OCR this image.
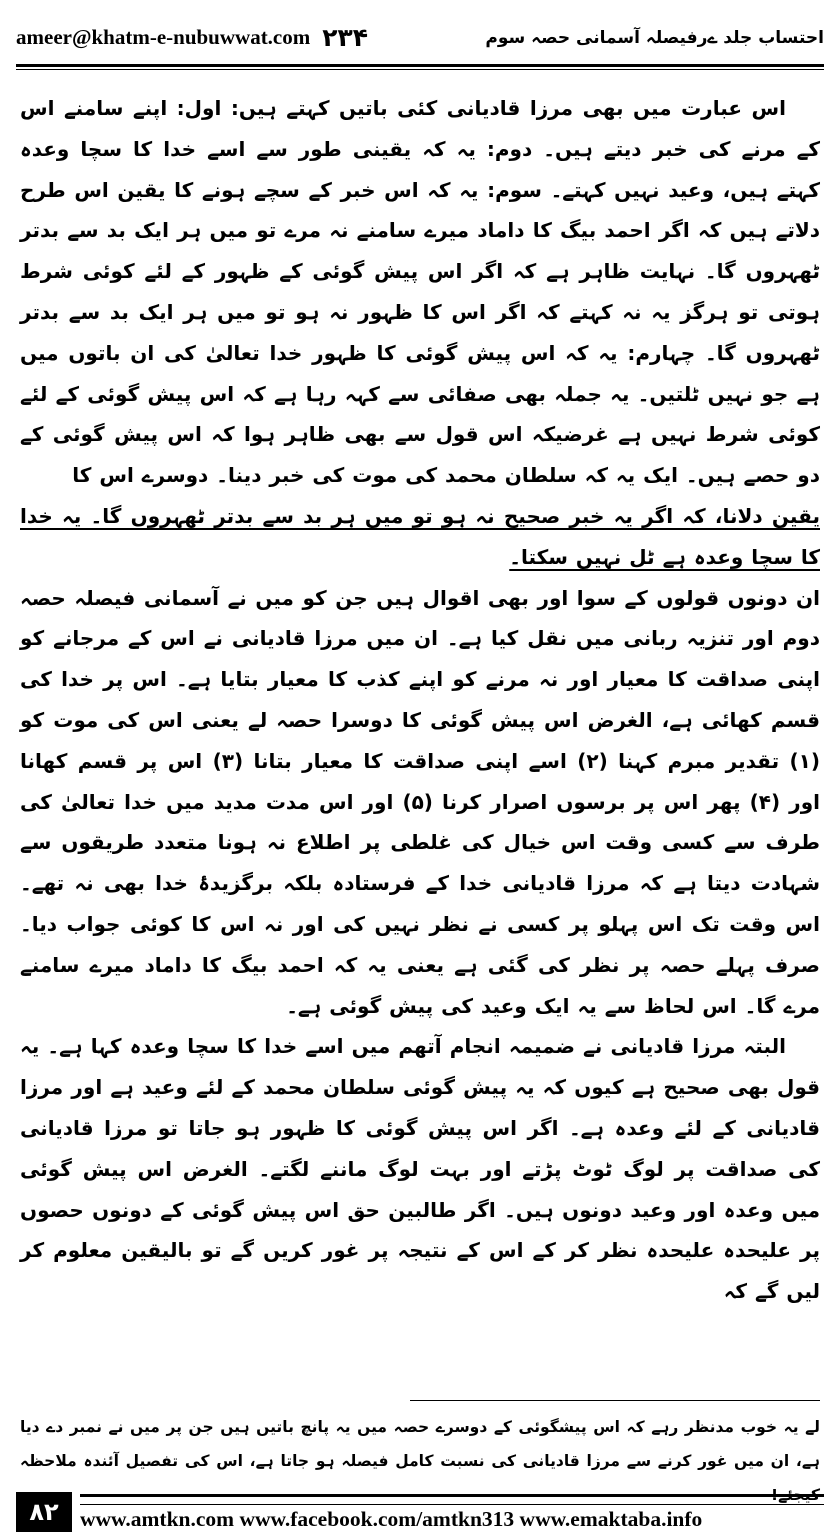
ameer@khatm-e-nubuwwat.com ۲۳۴	احتساب جلد ےرفیصلہ آسمانی حصہ سوم

اس عبارت میں بھی مرزا قادیانی کئی باتیں کہتے ہیں: اول: اپنے سامنے اس کے مرنے کی خبر دیتے ہیں۔ دوم: یہ کہ یقینی طور سے اسے خدا کا سچا وعدہ کہتے ہیں، وعید نہیں کہتے۔ سوم: یہ کہ اس خبر کے سچے ہونے کا یقین اس طرح دلاتے ہیں کہ اگر احمد بیگ کا داماد میرے سامنے نہ مرے تو میں ہر ایک بد سے بدتر ٹھہروں گا۔ نہایت ظاہر ہے کہ اگر اس پیش گوئی کے ظہور کے لئے کوئی شرط ہوتی تو ہرگز یہ نہ کہتے کہ اگر اس کا ظہور نہ ہو تو میں ہر ایک بد سے بدتر ٹھہروں گا۔ چہارم: یہ کہ اس پیش گوئی کا ظہور خدا تعالیٰ کی ان باتوں میں ہے جو نہیں ٹلتیں۔ یہ جملہ بھی صفائی سے کہہ رہا ہے کہ اس پیش گوئی کے لئے کوئی شرط نہیں ہے غرضیکہ اس قول سے بھی ظاہر ہوا کہ اس پیش گوئی کے دو حصے ہیں۔ ایک یہ کہ سلطان محمد کی موت کی خبر دینا۔ دوسرے اس کا

یقین دلانا، کہ اگر یہ خبر صحیح نہ ہو تو میں ہر بد سے بدتر ٹھہروں گا۔ یہ خدا کا سچا وعدہ ہے ٹل نہیں سکتا۔

ان دونوں قولوں کے سوا اور بھی اقوال ہیں جن کو میں نے آسمانی فیصلہ حصہ دوم اور تنزیہ ربانی میں نقل کیا ہے۔ ان میں مرزا قادیانی نے اس کے مرجانے کو اپنی صداقت کا معیار اور نہ مرنے کو اپنے کذب کا معیار بتایا ہے۔ اس پر خدا کی قسم کھائی ہے، الغرض اس پیش گوئی کا دوسرا حصہ لے یعنی اس کی موت کو (۱) تقدیر مبرم کہنا (۲) اسے اپنی صداقت کا معیار بتانا (۳) اس پر قسم کھانا اور (۴) پھر اس پر برسوں اصرار کرنا (۵) اور اس مدت مدید میں خدا تعالیٰ کی طرف سے کسی وقت اس خیال کی غلطی پر اطلاع نہ ہونا متعدد طریقوں سے شہادت دیتا ہے کہ مرزا قادیانی خدا کے فرستادہ بلکہ برگزیدۂ خدا بھی نہ تھے۔ اس وقت تک اس پہلو پر کسی نے نظر نہیں کی اور نہ اس کا کوئی جواب دیا۔ صرف پہلے حصہ پر نظر کی گئی ہے یعنی یہ کہ احمد بیگ کا داماد میرے سامنے مرے گا۔ اس لحاظ سے یہ ایک وعید کی پیش گوئی ہے۔

البتہ مرزا قادیانی نے ضمیمہ انجام آتھم میں اسے خدا کا سچا وعدہ کہا ہے۔ یہ قول بھی صحیح ہے کیوں کہ یہ پیش گوئی سلطان محمد کے لئے وعید ہے اور مرزا قادیانی کے لئے وعدہ ہے۔ اگر اس پیش گوئی کا ظہور ہو جاتا تو مرزا قادیانی کی صداقت پر لوگ ٹوٹ پڑتے اور بہت لوگ ماننے لگتے۔ الغرض اس پیش گوئی میں وعدہ اور وعید دونوں ہیں۔ اگر طالبین حق اس پیش گوئی کے دونوں حصوں پر علیحدہ علیحدہ نظر کر کے اس کے نتیجہ پر غور کریں گے تو بالیقین معلوم کر لیں گے کہ

لے یہ خوب مدنظر رہے کہ اس پیشگوئی کے دوسرے حصہ میں یہ پانچ باتیں ہیں جن پر میں نے نمبر دے دیا ہے، ان میں غور کرنے سے مرزا قادیانی کی نسبت کامل فیصلہ ہو جاتا ہے، اس کی تفصیل آئندہ ملاحظہ کیجئے!

۸۲ www.amtkn.com www.facebook.com/amtkn313 www.emaktaba.info
